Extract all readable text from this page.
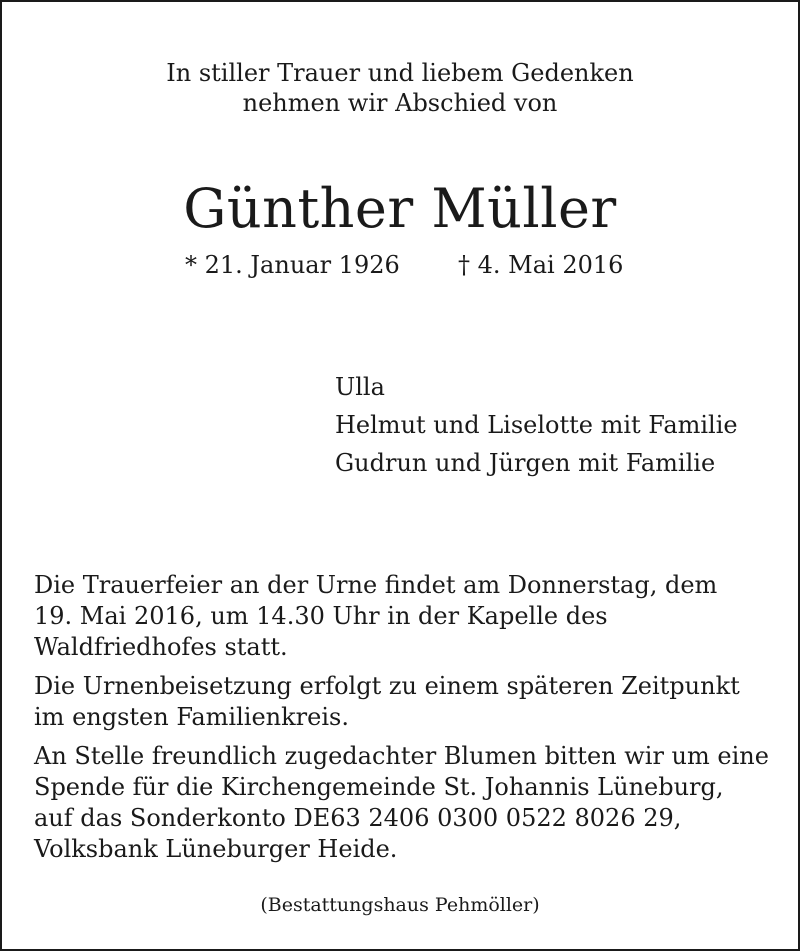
In stiller Trauer und liebem Gedenken
nehmen wir Abschied von
Günther Müller
* 21. Januar 1926 † 4. Mai 2016
Ulla
Helmut und Liselotte mit Familie
Gudrun und Jürgen mit Familie

Die Trauerfeier an der Urne findet am Donnerstag, dem
19. Mai 2016, um 14.30 Uhr in der Kapelle des
Waldfriedhofes statt.

Die Urnenbeisetzung erfolgt zu einem späteren Zeitpunkt
im engsten Familienkreis.

An Stelle freundlich zugedachter Blumen bitten wir um eine
Spende für die Kirchengemeinde St. Johannis Lüneburg,
auf das Sonderkonto DE63 2406 0300 0522 8026 29,
Volksbank Lüneburger Heide.

(Bestattungshaus Pehmöller)
